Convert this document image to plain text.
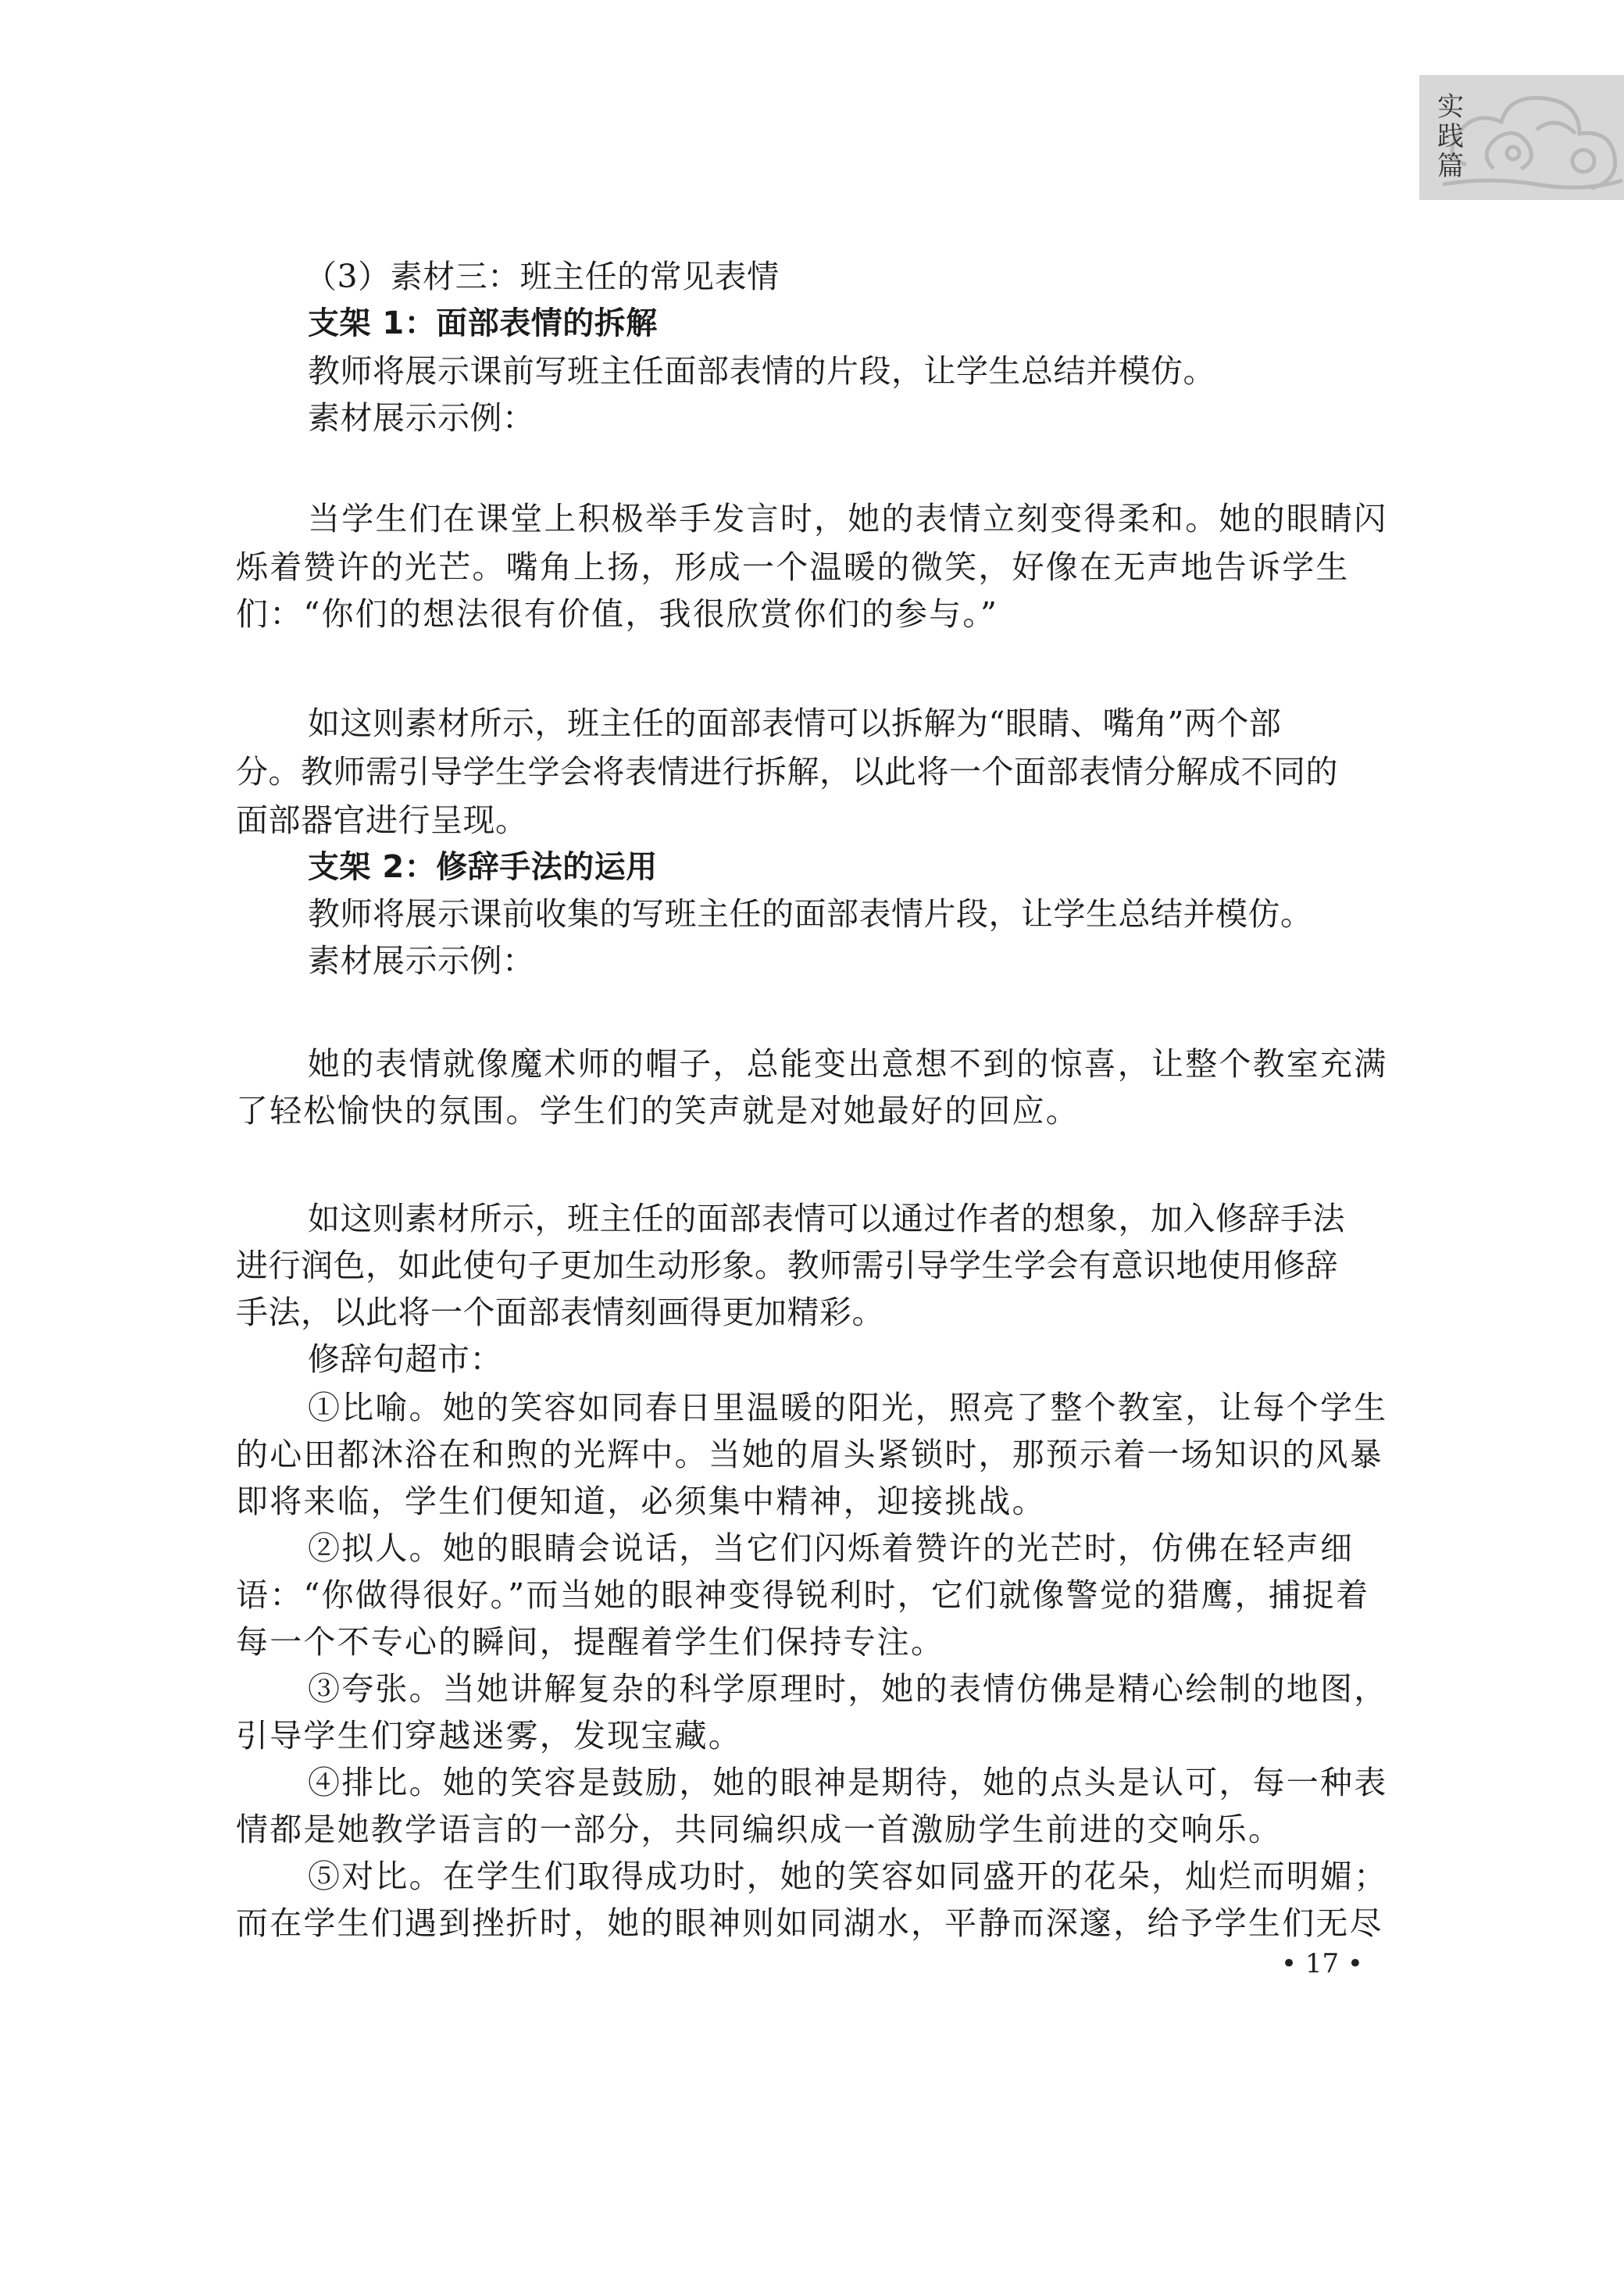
实
践
篇
（3）素材三：班主任的常见表情
支架 1：面部表情的拆解
教师将展示课前写班主任面部表情的片段，让学生总结并模仿。
素材展示示例：
当学生们在课堂上积极举手发言时，她的表情立刻变得柔和。她的眼睛闪
烁着赞许的光芒。嘴角上扬，形成一个温暖的微笑，好像在无声地告诉学生
们：“你们的想法很有价值，我很欣赏你们的参与。”
如这则素材所示，班主任的面部表情可以拆解为“眼睛、嘴角”两个部
分。教师需引导学生学会将表情进行拆解，以此将一个面部表情分解成不同的
面部器官进行呈现。
支架 2：修辞手法的运用
教师将展示课前收集的写班主任的面部表情片段，让学生总结并模仿。
素材展示示例：
她的表情就像魔术师的帽子，总能变出意想不到的惊喜，让整个教室充满
了轻松愉快的氛围。学生们的笑声就是对她最好的回应。
如这则素材所示，班主任的面部表情可以通过作者的想象，加入修辞手法
进行润色，如此使句子更加生动形象。教师需引导学生学会有意识地使用修辞
手法，以此将一个面部表情刻画得更加精彩。
修辞句超市：
①比喻。她的笑容如同春日里温暖的阳光，照亮了整个教室，让每个学生
的心田都沐浴在和煦的光辉中。当她的眉头紧锁时，那预示着一场知识的风暴
即将来临，学生们便知道，必须集中精神，迎接挑战。
②拟人。她的眼睛会说话，当它们闪烁着赞许的光芒时，仿佛在轻声细
语：“你做得很好。”而当她的眼神变得锐利时，它们就像警觉的猎鹰，捕捉着
每一个不专心的瞬间，提醒着学生们保持专注。
③夸张。当她讲解复杂的科学原理时，她的表情仿佛是精心绘制的地图，
引导学生们穿越迷雾，发现宝藏。
④排比。她的笑容是鼓励，她的眼神是期待，她的点头是认可，每一种表
情都是她教学语言的一部分，共同编织成一首激励学生前进的交响乐。
⑤对比。在学生们取得成功时，她的笑容如同盛开的花朵，灿烂而明媚；
而在学生们遇到挫折时，她的眼神则如同湖水，平静而深邃，给予学生们无尽
• 17 •
